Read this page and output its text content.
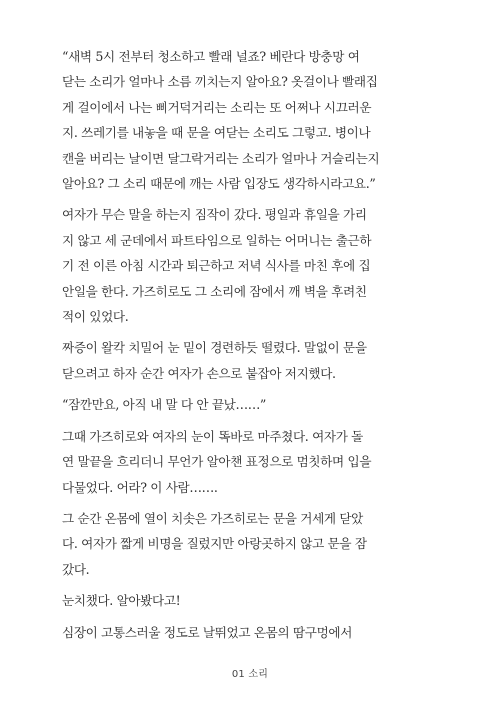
“새벽 5시 전부터 청소하고 빨래 널죠? 베란다 방충망 여
닫는 소리가 얼마나 소름 끼치는지 알아요? 옷걸이나 빨래집
게 걸이에서 나는 삐거덕거리는 소리는 또 어쩌나 시끄러운
지. 쓰레기를 내놓을 때 문을 여닫는 소리도 그렇고. 병이나
캔을 버리는 날이면 달그락거리는 소리가 얼마나 거슬리는지
알아요? 그 소리 때문에 깨는 사람 입장도 생각하시라고요.”

여자가 무슨 말을 하는지 짐작이 갔다. 평일과 휴일을 가리
지 않고 세 군데에서 파트타임으로 일하는 어머니는 출근하
기 전 이른 아침 시간과 퇴근하고 저녁 식사를 마친 후에 집
안일을 한다. 가즈히로도 그 소리에 잠에서 깨 벽을 후려친
적이 있었다.

짜증이 왈칵 치밀어 눈 밑이 경련하듯 떨렸다. 말없이 문을
닫으려고 하자 순간 여자가 손으로 붙잡아 저지했다.

“잠깐만요, 아직 내 말 다 안 끝났……”

그때 가즈히로와 여자의 눈이 똑바로 마주쳤다. 여자가 돌
연 말끝을 흐리더니 무언가 알아챈 표정으로 멈칫하며 입을
다물었다. 어라? 이 사람…….

그 순간 온몸에 열이 치솟은 가즈히로는 문을 거세게 닫았
다. 여자가 짧게 비명을 질렀지만 아랑곳하지 않고 문을 잠
갔다.

눈치챘다. 알아봤다고!

심장이 고통스러울 정도로 날뛰었고 온몸의 땀구멍에서

01 소리
